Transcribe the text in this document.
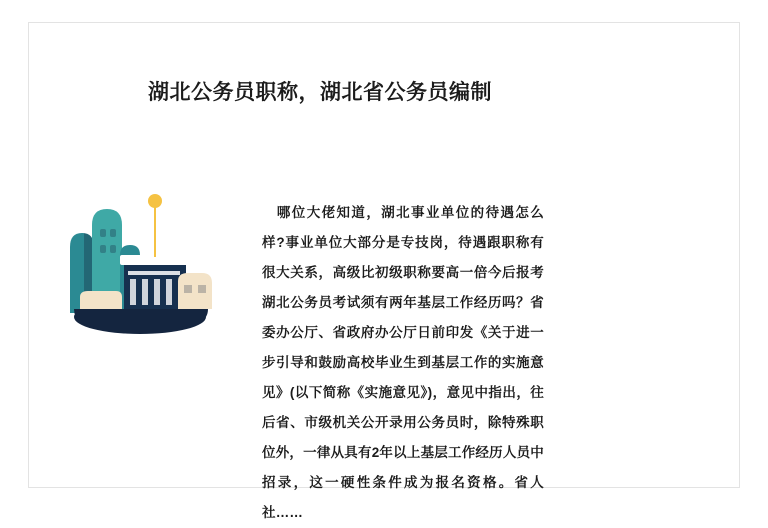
湖北公务员职称，湖北省公务员编制
　哪位大佬知道，湖北事业单位的待遇怎么样?事业单位大部分是专技岗，待遇跟职称有很大关系，高级比初级职称要高一倍今后报考湖北公务员考试须有两年基层工作经历吗？省委办公厅、省政府办公厅日前印发《关于进一步引导和鼓励高校毕业生到基层工作的实施意见》(以下简称《实施意见》)，意见中指出，往后省、市级机关公开录用公务员时，除特殊职位外，一律从具有2年以上基层工作经历人员中招录，这一硬性条件成为报名资格。省人社……
